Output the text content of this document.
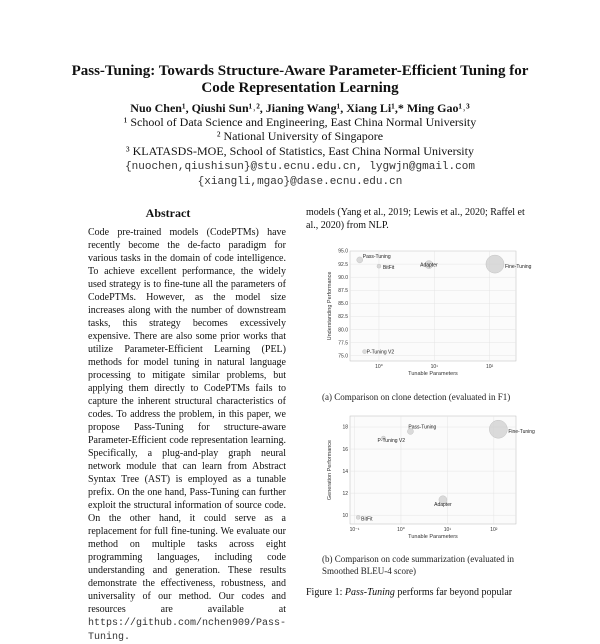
Pass-Tuning: Towards Structure-Aware Parameter-Efficient Tuning for
Code Representation Learning
Nuo Chen¹, Qiushi Sun¹˒², Jianing Wang¹, Xiang Li¹,* Ming Gao¹˒³
¹ School of Data Science and Engineering, East China Normal University
² National University of Singapore
³ KLATASDS-MOE, School of Statistics, East China Normal University
{nuochen,qiushisun}@stu.ecnu.edu.cn, lygwjn@gmail.com
{xiangli,mgao}@dase.ecnu.edu.cn
Abstract

Code pre-trained models (CodePTMs) have recently become the de-facto paradigm for various tasks in the domain of code intelligence. To achieve excellent performance, the widely used strategy is to fine-tune all the parameters of CodePTMs. However, as the model size increases along with the number of downstream tasks, this strategy becomes excessively expensive. There are also some prior works that utilize Parameter-Efficient Learning (PEL) methods for model tuning in natural language processing to mitigate similar problems, but applying them directly to CodePTMs fails to capture the inherent structural characteristics of codes. To address the problem, in this paper, we propose Pass-Tuning for structure-aware Parameter-Efficient code representation learning. Specifically, a plug-and-play graph neural network module that can learn from Abstract Syntax Tree (AST) is employed as a tunable prefix. On the one hand, Pass-Tuning can further exploit the structural information of source code. On the other hand, it could serve as a replacement for full fine-tuning. We evaluate our method on multiple tasks across eight programming languages, including code understanding and generation. These results demonstrate the effectiveness, robustness, and universality of our method. Our codes and resources are available at https://github.com/nchen909/Pass-Tuning.

models (Yang et al., 2019; Lewis et al., 2020; Raffel et al., 2020) from NLP.
75.0
77.5
80.0
82.5
85.0
87.5
90.0
92.5
95.0
10⁰	10¹	10²
Tunable Parameters
Understanding Performance
Pass-Tuning
BitFit	Adapter	Fine-Tuning
P-Tuning V2
(a) Comparison on clone detection (evaluated in F1)
10
12
14
16
18
10⁻¹	10⁰	10¹	10²
Tunable Parameters
Generation Performance
Pass-Tuning
P-Tuning V2
Fine-Tuning
Adapter
BitFit
(b) Comparison on code summarization (evaluated in Smoothed BLEU-4 score)
Figure 1: Pass-Tuning performs far beyond popular
